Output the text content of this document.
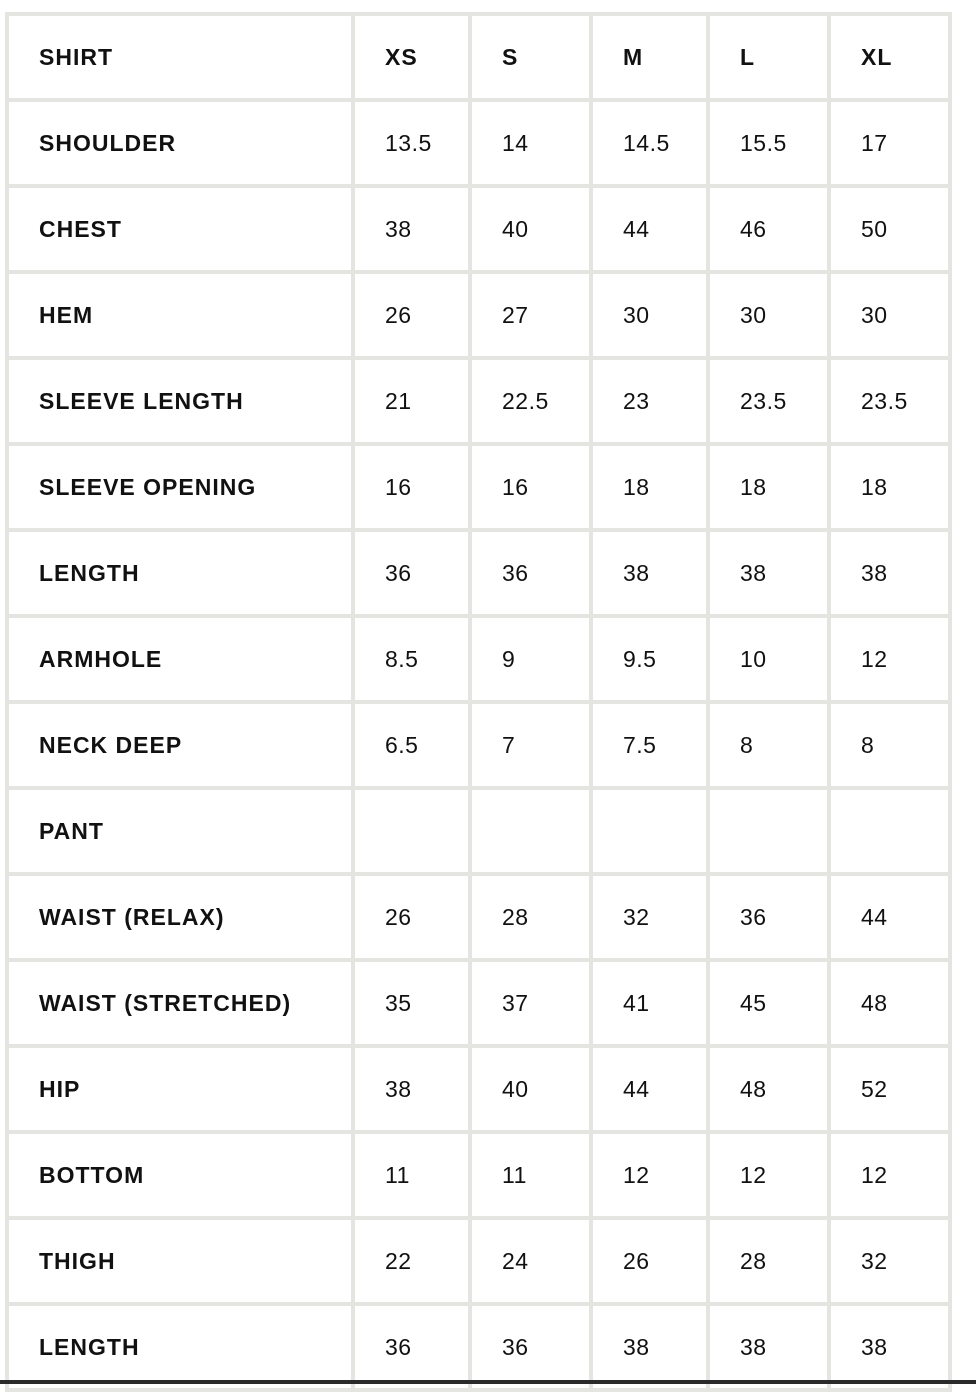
SHIRT	XS	S	M	L	XL
SHOULDER	13.5	14	14.5	15.5	17
CHEST	38	40	44	46	50
HEM	26	27	30	30	30
SLEEVE LENGTH	21	22.5	23	23.5	23.5
SLEEVE OPENING	16	16	18	18	18
LENGTH	36	36	38	38	38
ARMHOLE	8.5	9	9.5	10	12
NECK DEEP	6.5	7	7.5	8	8
PANT					
WAIST (RELAX)	26	28	32	36	44
WAIST (STRETCHED)	35	37	41	45	48
HIP	38	40	44	48	52
BOTTOM	11	11	12	12	12
THIGH	22	24	26	28	32
LENGTH	36	36	38	38	38
